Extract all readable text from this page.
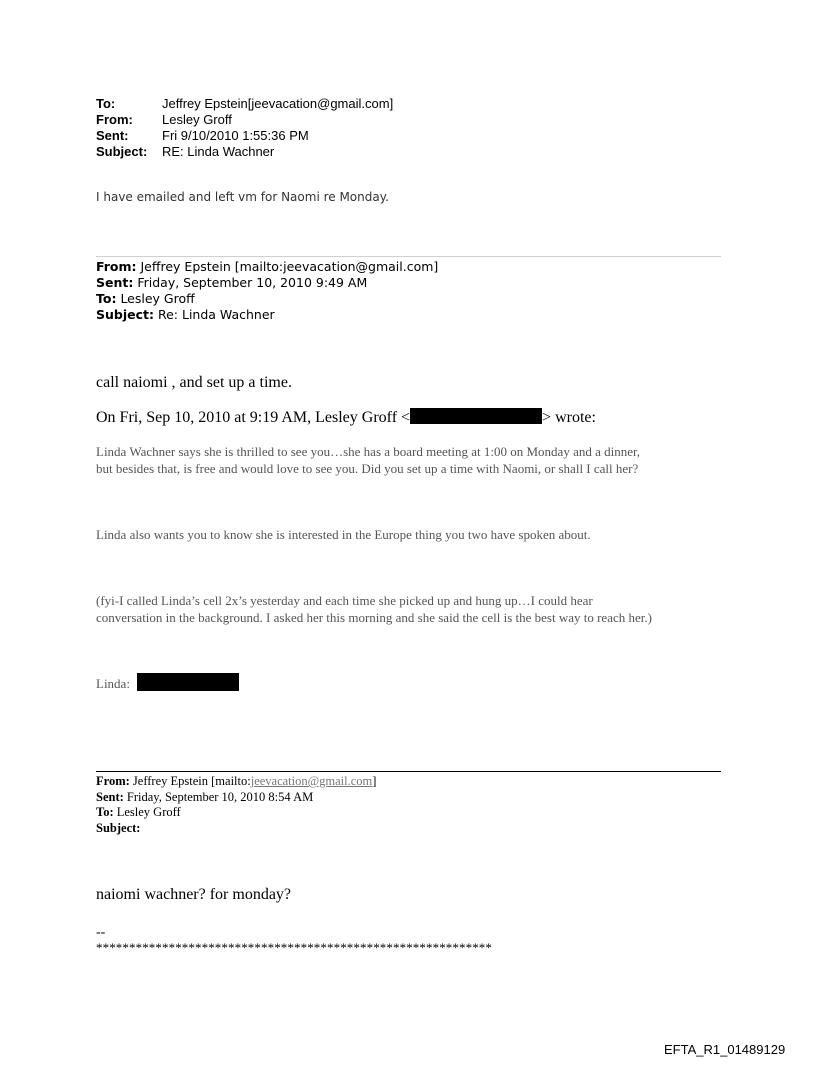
To:	Jeffrey Epstein[jeevacation@gmail.com]
From:	Lesley Groff
Sent:	Fri 9/10/2010 1:55:36 PM
Subject:	RE: Linda Wachner
I have emailed and left vm for Naomi re Monday.
From: Jeffrey Epstein [mailto:jeevacation@gmail.com]
Sent: Friday, September 10, 2010 9:49 AM
To: Lesley Groff
Subject: Re: Linda Wachner
call naiomi , and set up a time.
On Fri, Sep 10, 2010 at 9:19 AM, Lesley Groff <	> wrote:
Linda Wachner says she is thrilled to see you…she has a board meeting at 1:00 on Monday and a dinner,
but besides that, is free and would love to see you. Did you set up a time with Naomi, or shall I call her?
Linda also wants you to know she is interested in the Europe thing you two have spoken about.
(fyi-I called Linda’s cell 2x’s yesterday and each time she picked up and hung up…I could hear
conversation in the background. I asked her this morning and she said the cell is the best way to reach her.)
Linda:
From: Jeffrey Epstein [mailto:jeevacation@gmail.com]
Sent: Friday, September 10, 2010 8:54 AM
To: Lesley Groff
Subject:
naiomi wachner? for monday?
--
************************************************************
EFTA_R1_01489129
